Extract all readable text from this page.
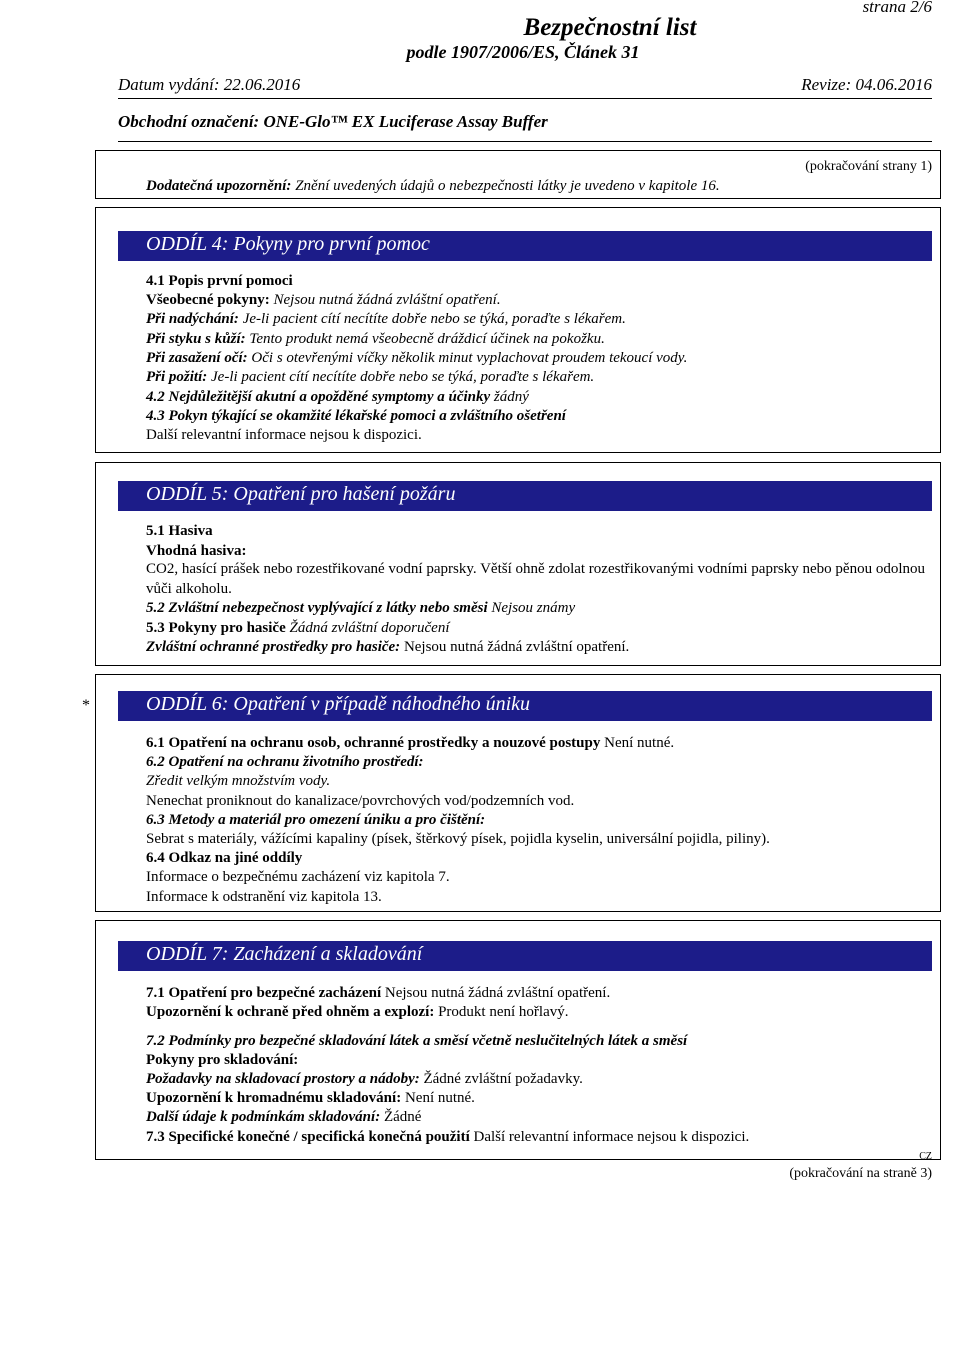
strana 2/6
Bezpečnostní list
podle 1907/2006/ES, Článek 31
Datum vydání: 22.06.2016	Revize: 04.06.2016
Obchodní označení: ONE-Glo™ EX Luciferase Assay Buffer
(pokračování strany 1)
Dodatečná upozornění: Znění uvedených údajů o nebezpečnosti látky je uvedeno v kapitole 16.
ODDÍL 4: Pokyny pro první pomoc
4.1 Popis první pomoci
Všeobecné pokyny: Nejsou nutná žádná zvláštní opatření.
Při nadýchání: Je-li pacient cítí necítíte dobře nebo se týká, poraďte s lékařem.
Při styku s kůží: Tento produkt nemá všeobecně dráždicí účinek na pokožku.
Při zasažení očí: Oči s otevřenými víčky několik minut vyplachovat proudem tekoucí vody.
Při požití: Je-li pacient cítí necítíte dobře nebo se týká, poraďte s lékařem.
4.2 Nejdůležitější akutní a opožděné symptomy a účinky žádný
4.3 Pokyn týkající se okamžité lékařské pomoci a zvláštního ošetření
Další relevantní informace nejsou k dispozici.
ODDÍL 5: Opatření pro hašení požáru
5.1 Hasiva
Vhodná hasiva:
CO2, hasící prášek nebo rozestřikované vodní paprsky. Větší ohně zdolat rozestřikovanými vodními paprsky nebo pěnou odolnou vůči alkoholu.
5.2 Zvláštní nebezpečnost vyplývající z látky nebo směsi Nejsou známy
5.3 Pokyny pro hasiče Žádná zvláštní doporučení
Zvláštní ochranné prostředky pro hasiče: Nejsou nutná žádná zvláštní opatření.
*	ODDÍL 6: Opatření v případě náhodného úniku
6.1 Opatření na ochranu osob, ochranné prostředky a nouzové postupy Není nutné.
6.2 Opatření na ochranu životního prostředí:
Zředit velkým množstvím vody.
Nenechat proniknout do kanalizace/povrchových vod/podzemních vod.
6.3 Metody a materiál pro omezení úniku a pro čištění:
Sebrat s materiály, vážícími kapaliny (písek, štěrkový písek, pojidla kyselin, universální pojidla, piliny).
6.4 Odkaz na jiné oddíly
Informace o bezpečnému zacházení viz kapitola 7.
Informace k odstranění viz kapitola 13.
ODDÍL 7: Zacházení a skladování
7.1 Opatření pro bezpečné zacházení Nejsou nutná žádná zvláštní opatření.
Upozornění k ochraně před ohněm a explozí: Produkt není hořlavý.
7.2 Podmínky pro bezpečné skladování látek a směsí včetně neslučitelných látek a směsí
Pokyny pro skladování:
Požadavky na skladovací prostory a nádoby: Žádné zvláštní požadavky.
Upozornění k hromadnému skladování: Není nutné.
Další údaje k podmínkám skladování: Žádné
7.3 Specifické konečné / specifická konečná použití Další relevantní informace nejsou k dispozici.
CZ
(pokračování na straně 3)
